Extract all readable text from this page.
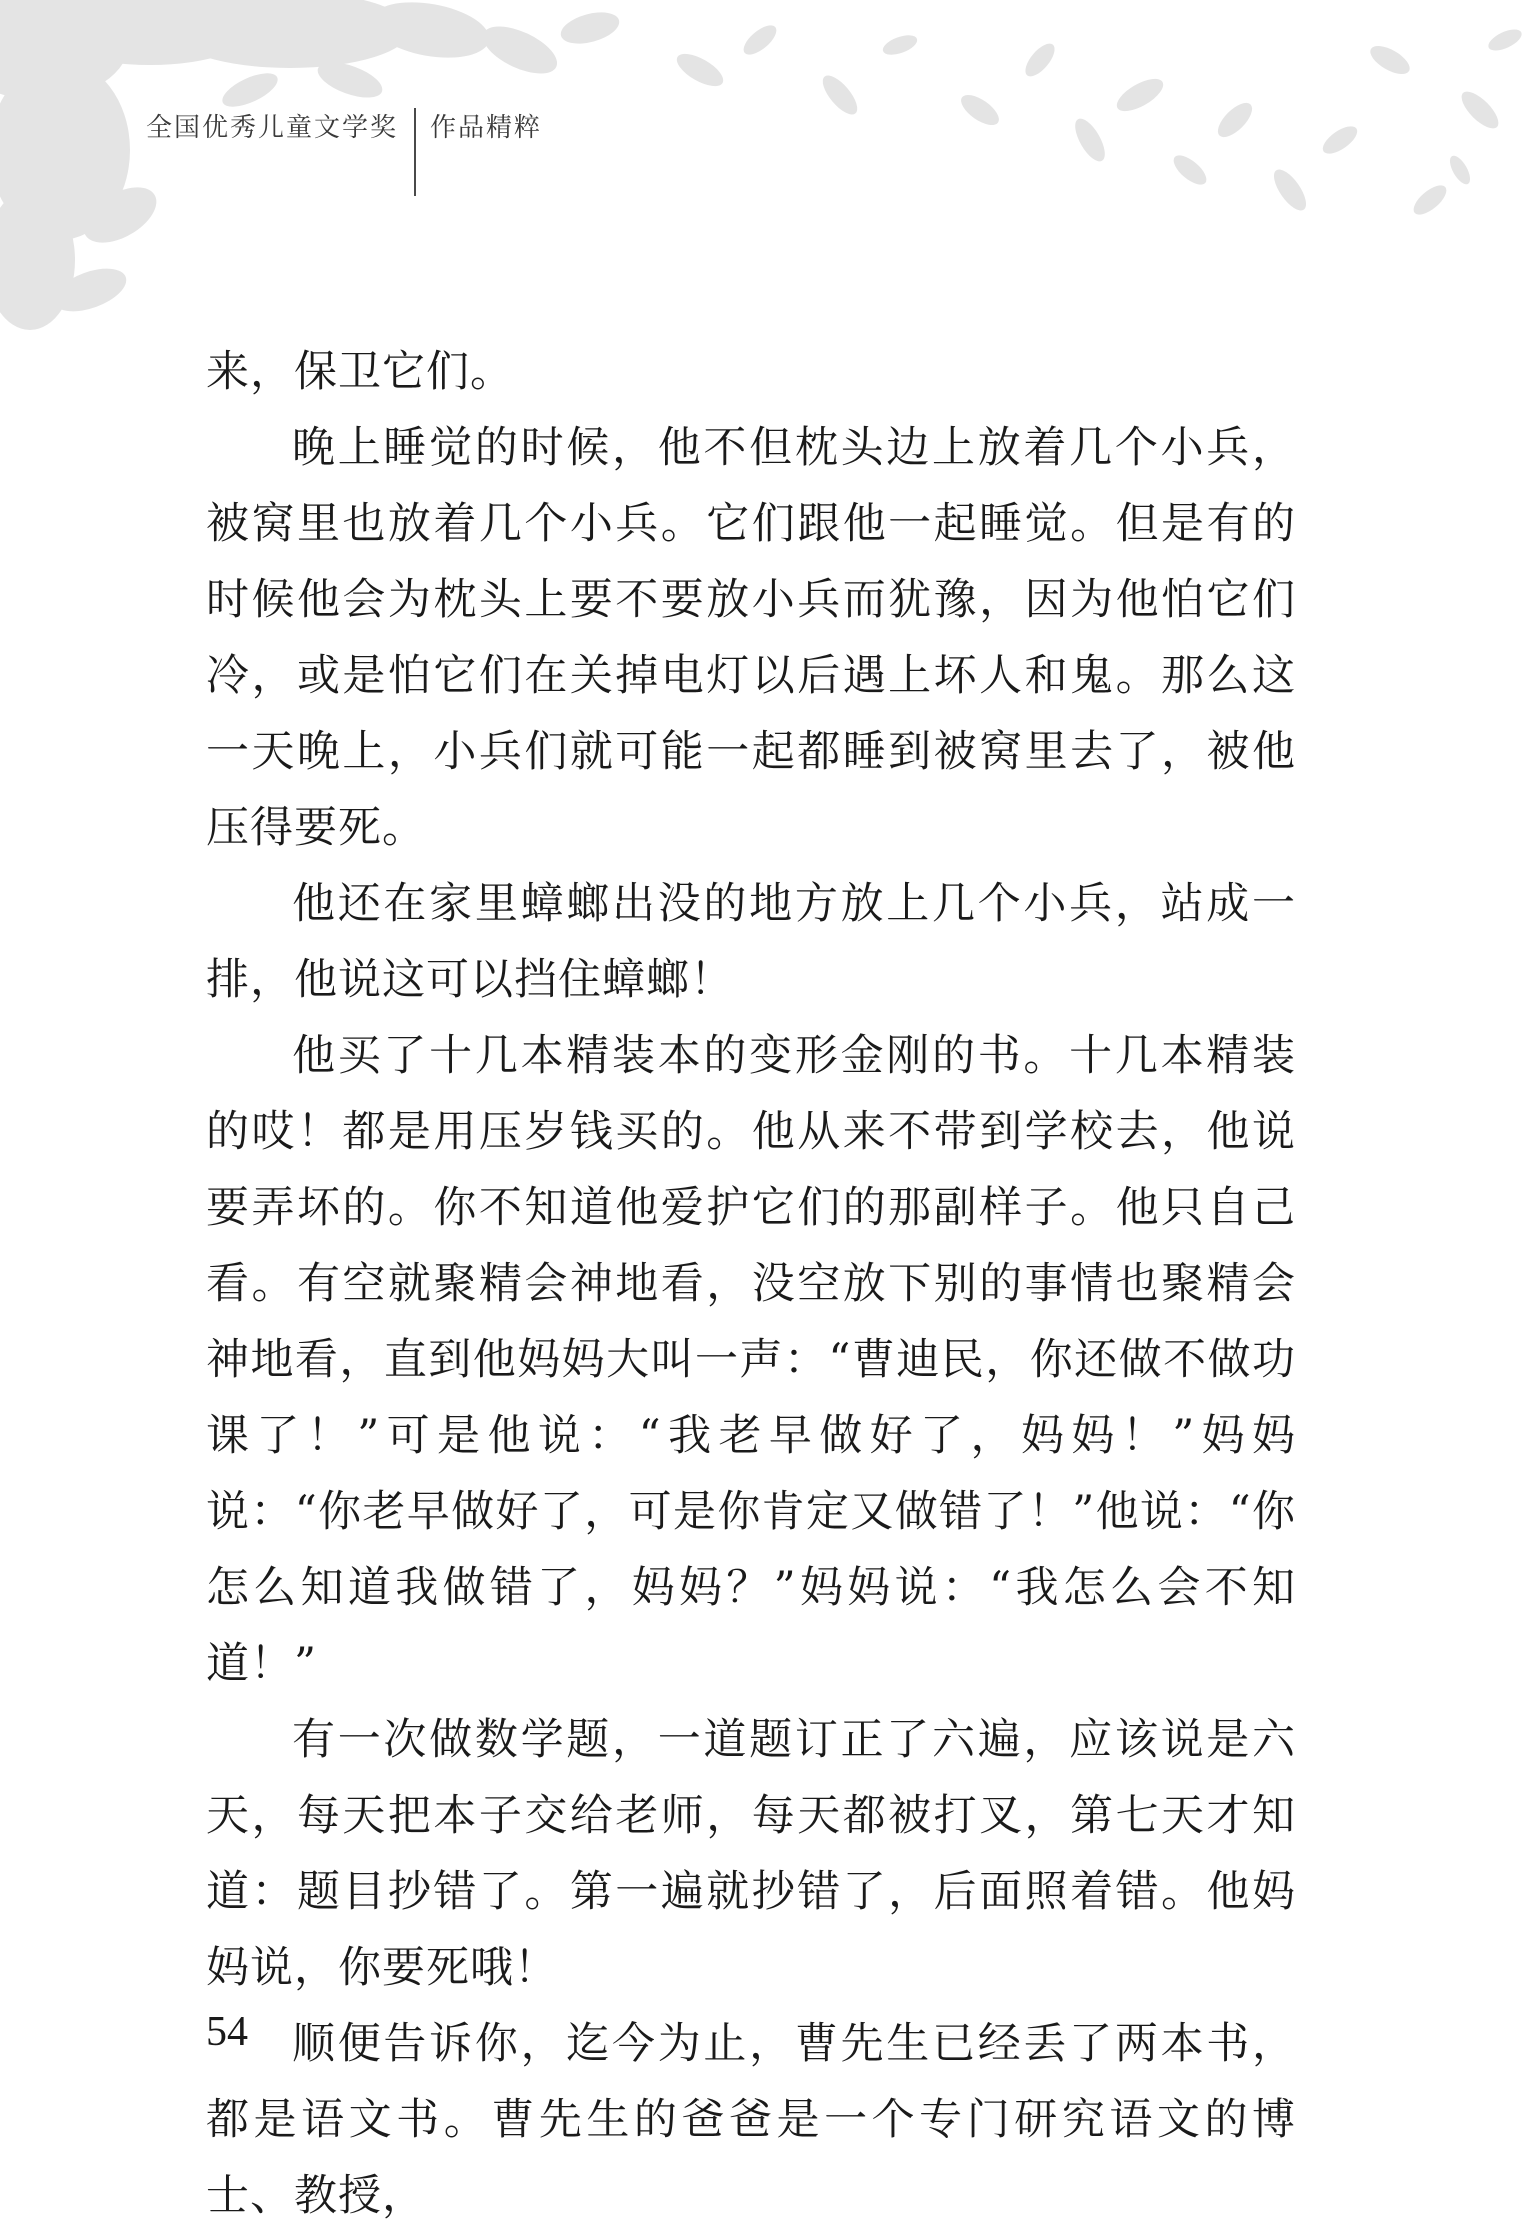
全国优秀儿童文学奖 作品精粹

来，保卫它们。

晚上睡觉的时候，他不但枕头边上放着几个小兵，被窝里也放着几个小兵。它们跟他一起睡觉。但是有的时候他会为枕头上要不要放小兵而犹豫，因为他怕它们冷，或是怕它们在关掉电灯以后遇上坏人和鬼。那么这一天晚上，小兵们就可能一起都睡到被窝里去了，被他压得要死。

他还在家里蟑螂出没的地方放上几个小兵，站成一排，他说这可以挡住蟑螂！

他买了十几本精装本的变形金刚的书。十几本精装的哎！都是用压岁钱买的。他从来不带到学校去，他说要弄坏的。你不知道他爱护它们的那副样子。他只自己看。有空就聚精会神地看，没空放下别的事情也聚精会神地看，直到他妈妈大叫一声：“曹迪民，你还做不做功课了！”可是他说：“我老早做好了，妈妈！”妈妈说：“你老早做好了，可是你肯定又做错了！”他说：“你怎么知道我做错了，妈妈？”妈妈说：“我怎么会不知道！”

有一次做数学题，一道题订正了六遍，应该说是六天，每天把本子交给老师，每天都被打叉，第七天才知道：题目抄错了。第一遍就抄错了，后面照着错。他妈妈说，你要死哦！

顺便告诉你，迄今为止，曹先生已经丢了两本书，都是语文书。曹先生的爸爸是一个专门研究语文的博士、教授，

54
